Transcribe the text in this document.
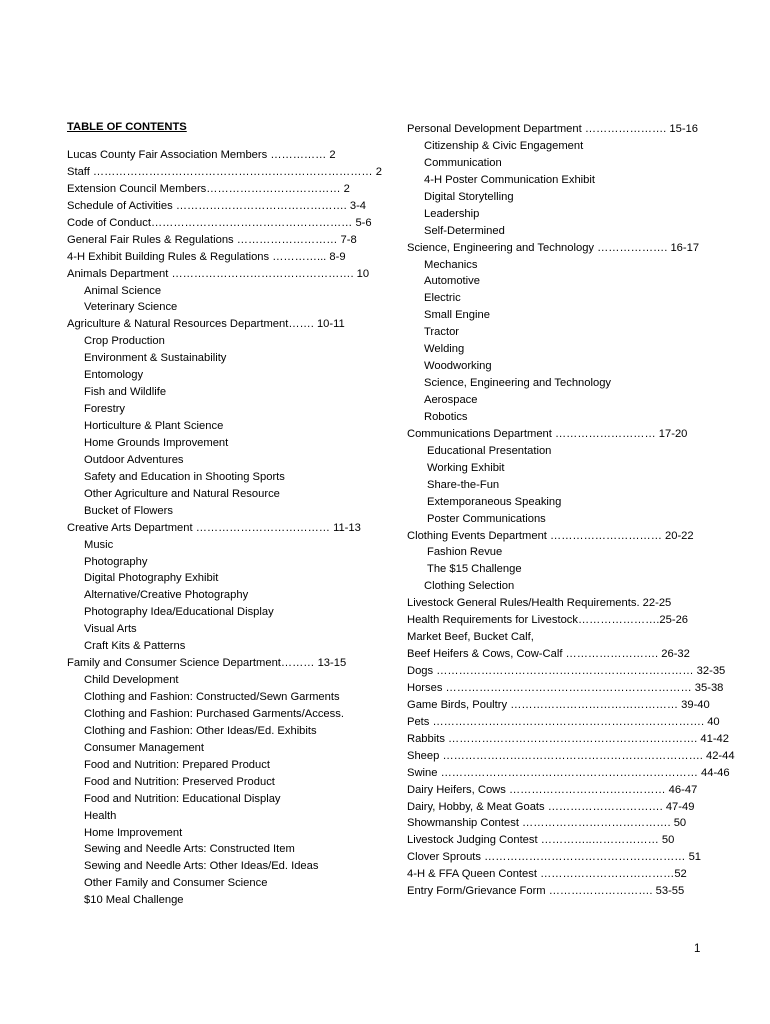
TABLE OF CONTENTS
Lucas County Fair Association Members …………… 2
Staff ………………………………………………………………… 2
Extension Council Members……………………………… 2
Schedule of Activities ………………………………………. 3-4
Code of Conduct……………………………………………… 5-6
General Fair Rules & Regulations ……………………… 7-8
4-H Exhibit Building Rules & Regulations …………... 8-9
Animals Department …………………………………………. 10
Animal Science
Veterinary Science
Agriculture & Natural Resources Department……. 10-11
Crop Production
Environment & Sustainability
Entomology
Fish and Wildlife
Forestry
Horticulture & Plant Science
Home Grounds Improvement
Outdoor Adventures
Safety and Education in Shooting Sports
Other Agriculture and Natural Resource
Bucket of Flowers
Creative Arts Department ……………………………… 11-13
Music
Photography
Digital Photography Exhibit
Alternative/Creative Photography
Photography Idea/Educational Display
Visual Arts
Craft Kits & Patterns
Family and Consumer Science Department……… 13-15
Child Development
Clothing and Fashion: Constructed/Sewn Garments
Clothing and Fashion: Purchased Garments/Access.
Clothing and Fashion: Other Ideas/Ed. Exhibits
Consumer Management
Food and Nutrition: Prepared Product
Food and Nutrition: Preserved Product
Food and Nutrition: Educational Display
Health
Home Improvement
Sewing and Needle Arts: Constructed Item
Sewing and Needle Arts: Other Ideas/Ed. Ideas
Other Family and Consumer Science
$10 Meal Challenge
Personal Development Department …………………. 15-16
Citizenship & Civic Engagement
Communication
4-H Poster Communication Exhibit
Digital Storytelling
Leadership
Self-Determined
Science, Engineering and Technology ………………. 16-17
Mechanics
Automotive
Electric
Small Engine
Tractor
Welding
Woodworking
Science, Engineering and Technology
Aerospace
Robotics
Communications Department ……………………… 17-20
Educational Presentation
Working Exhibit
Share-the-Fun
Extemporaneous Speaking
Poster Communications
Clothing Events Department ………………………… 20-22
Fashion Revue
The $15 Challenge
Clothing Selection
Livestock General Rules/Health Requirements. 22-25
Health Requirements for Livestock………………….25-26
Market Beef, Bucket Calf,
Beef Heifers & Cows, Cow-Calf ……………………. 26-32
Dogs …………………………………………………………… 32-35
Horses ………………………………………………………… 35-38
Game Birds, Poultry ……………………………………… 39-40
Pets ………………………………………………………………. 40
Rabbits …………………………………………………………. 41-42
Sheep ……………………………………………………………. 42-44
Swine …………………………………………………………… 44-46
Dairy Heifers, Cows …………………………………… 46-47
Dairy, Hobby, & Meat Goats …………………………. 47-49
Showmanship Contest …………………………………. 50
Livestock Judging Contest …………..……………… 50
Clover Sprouts ……………………………………………… 51
4-H & FFA Queen Contest ………………………………52
Entry Form/Grievance Form ………………………. 53-55
1
